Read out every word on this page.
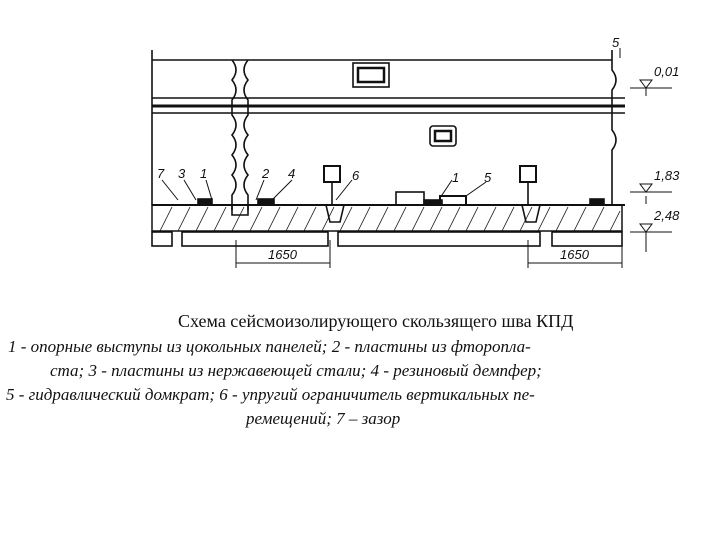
7 3 1	2 4	6	1 5
5
0,01
1,83
2,48
1650	1650
Схема сейсмоизолирующего скользящего шва КПД
1 - опорные выступы из цокольных панелей; 2 - пластины из фторопла-
ста; 3 - пластины из нержавеющей стали; 4 - резиновый демпфер;
5 - гидравлический домкрат; 6 - упругий ограничитель вертикальных пе-
ремещений; 7 – зазор
